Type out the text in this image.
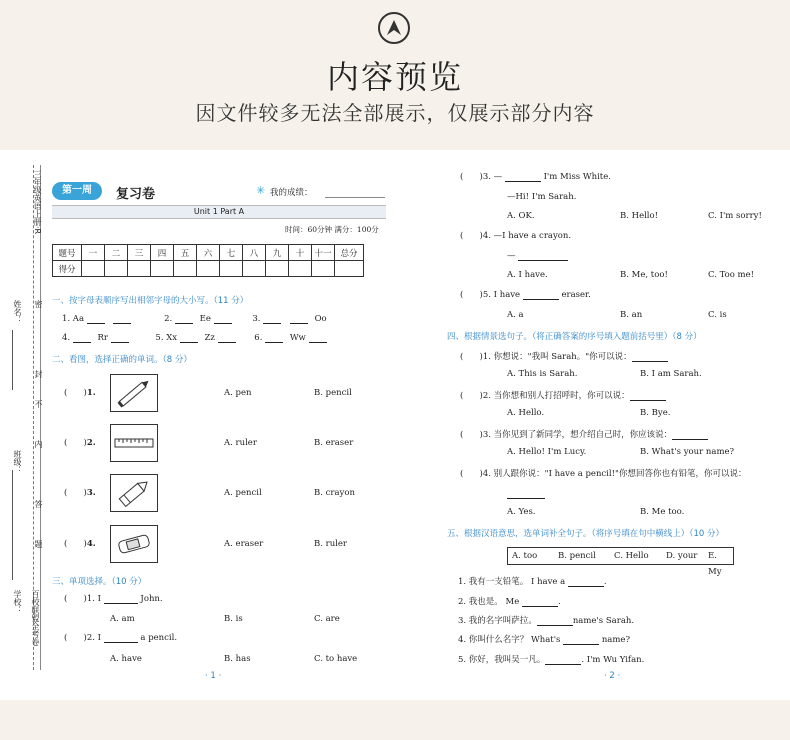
内容预览
因文件较多无法全部展示，仅展示部分内容
三年级英语上册·R
姓名：
班级：
学校： 百校联盟全考卷
密
封
内
不
答
题
第一周	复习卷	✳ 我的成绩：
Unit 1 Part A
时间：60分钟 满分：100分
题号	一	二	三	四	五	六	七	八	九	十	十一	总分
得分												
一、按字母表顺序写出相邻字母的大小写。（11 分）
1. Aa	2.	Ee	3.	Oo
4.	Rr	5. Xx	Zz	6.	Ww
二、看图，选择正确的单词。（8 分）
(      )1.	A. pen	B. pencil
(      )2.	A. ruler	B. eraser
(      )3.	A. pencil	B. crayon
(      )4.	A. eraser	B. ruler
三、单项选择。（10 分）
(      )1. I	John.
A. am	B. is	C. are
(      )2. I	a pencil.
A. have	B. has	C. to have
· 1 ·
(      )3. —	I'm Miss White.
—Hi! I'm Sarah.
A. OK.	B. Hello!	C. I'm sorry!
(      )4. —I have a crayon.
—
A. I have.	B. Me, too!	C. Too me!
(      )5. I have	eraser.
A. a	B. an	C. is
四、根据情景选句子。（将正确答案的序号填入题前括号里）（8 分）
(      )1. 你想说："我叫 Sarah。"你可以说：
A. This is Sarah.	B. I am Sarah.
(      )2. 当你想和别人打招呼时，你可以说：
A. Hello.	B. Bye.
(      )3. 当你见到了新同学，想介绍自己时，你应该说：
A. Hello! I'm Lucy.	B. What's your name?
(      )4. 别人跟你说："I have a pencil!"你想回答你也有铅笔，你可以说：
A. Yes.	B. Me too.
五、根据汉语意思，选单词补全句子。（将序号填在句中横线上）（10 分）
A. too B. pencil C. Hello D. your E. My
1. 我有一支铅笔。 I have a	.
2. 我也是。 Me	.
3. 我的名字叫萨拉。	name's Sarah.
4. 你叫什么名字？ What's	name?
5. 你好，我叫吴一凡。	. I'm Wu Yifan.
· 2 ·
